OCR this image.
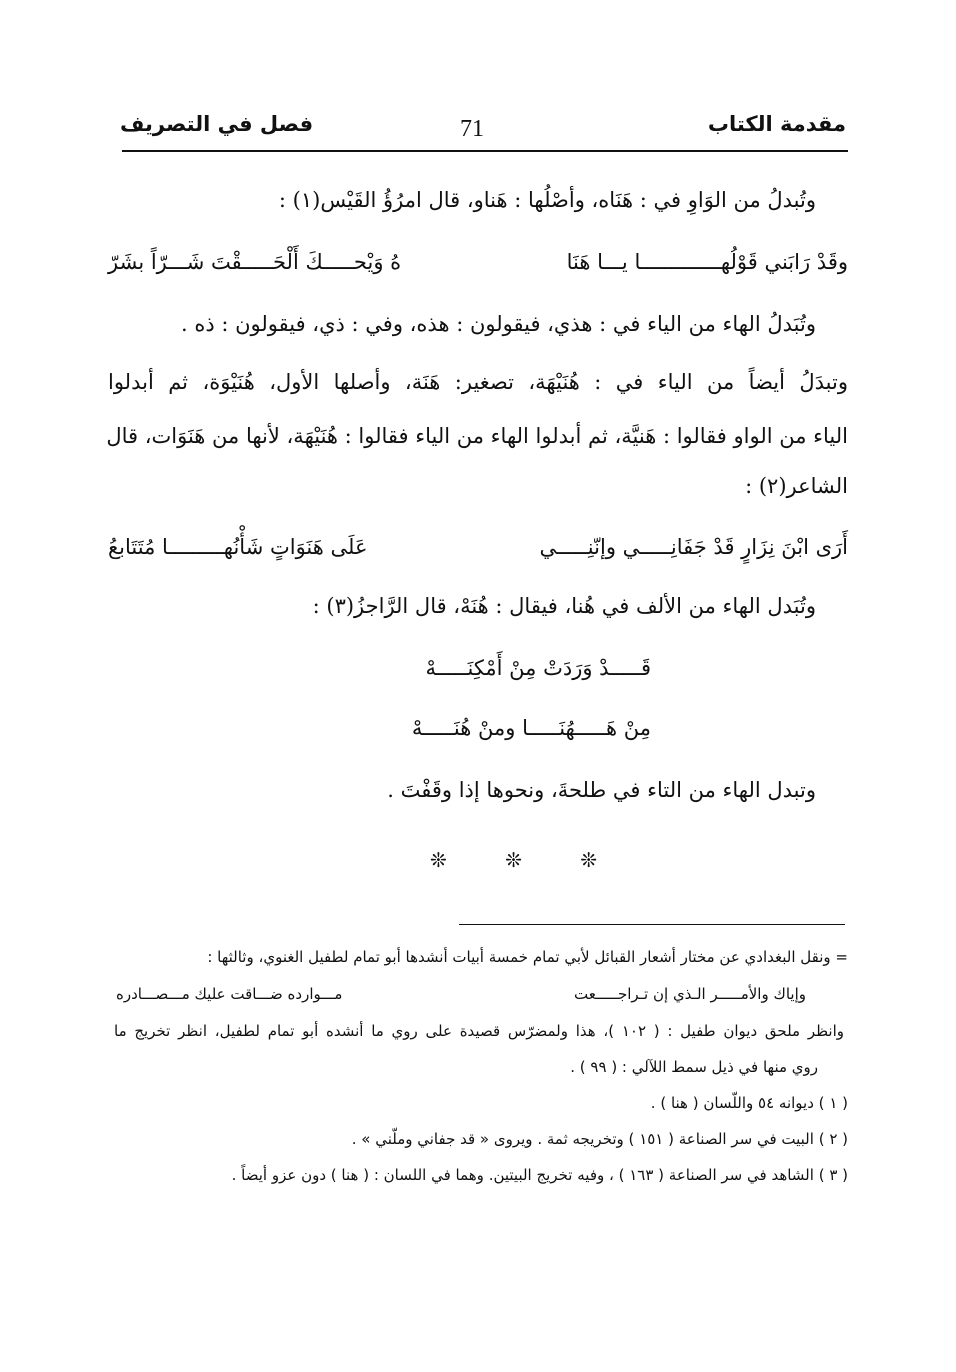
مقدمة الكتاب
71
فصل في التصريف
وتُبدلُ من الوَاوِ في : هَنَاه، وأصْلُها : هَناو، قال امرُؤُ القَيْس(١) :
وقَدْ رَابَني قَوْلُهـــــــــــــا يـــا هَنَا
هُ وَيْحـــــكَ أَلْحَـــــقْتَ شَـــرّاً بشَرّ
وتُبَدلُ الهاء من الياء في : هذي، فيقولون : هذه، وفي : ذي، فيقولون : ذه .
وتبدَلُ أيضاً من الياء في : هُنَيْهَة، تصغير: هَنَة، وأصلها الأول، هُنَيْوَة، ثم أبدلوا
الياء من الواو فقالوا : هَنيَّة، ثم أبدلوا الهاء من الياء فقالوا : هُنَيْهَة، لأنها من هَنَوَات، قال
الشاعر(٢) :
أَرَى ابْنَ نِزَارٍ قَدْ جَفَانِـــــي وإنّنِـــــي
عَلَى هَنَوَاتٍ شَأْنُهـــــــــا مُتَتَابعُ
وتُبَدل الهاء من الألف في هُنا، فيقال : هُنَهْ، قال الرَّاجزُ(٣) :
قَـــــدْ وَرَدَتْ مِنْ أَمْكِنَـــــهْ
مِنْ هَـــــهُنَـــــا ومنْ هُنَـــــهْ
وتبدل الهاء من التاء في طلحةَ، ونحوها إذا وقَفْتَ .
❊ ❊ ❊
= ونقل البغدادي عن مختار أشعار القبائل لأبي تمام خمسة أبيات أنشدها أبو تمام لطفيل الغنوي، وثالثها :
وإياك والأمـــــر الـذي إن تـراجـــــعت
مـــوارده ضـــاقت عليك مـــصـــادره
وانظر ملحق ديوان طفيل : ( ١٠٢ )، هذا ولمضرّس قصيدة على روي ما أنشده أبو تمام لطفيل، انظر تخريج ما
روي منها في ذيل سمط اللآلي : ( ٩٩ ) .
( ١ ) ديوانه ٥٤ واللّسان ( هنا ) .
( ٢ ) البيت في سر الصناعة ( ١٥١ ) وتخريجه ثمة . ويروى « قد جفاني وملّني » .
( ٣ ) الشاهد في سر الصناعة ( ١٦٣ ) ، وفيه تخريج البيتين. وهما في اللسان : ( هنا ) دون عزو أيضاً .
